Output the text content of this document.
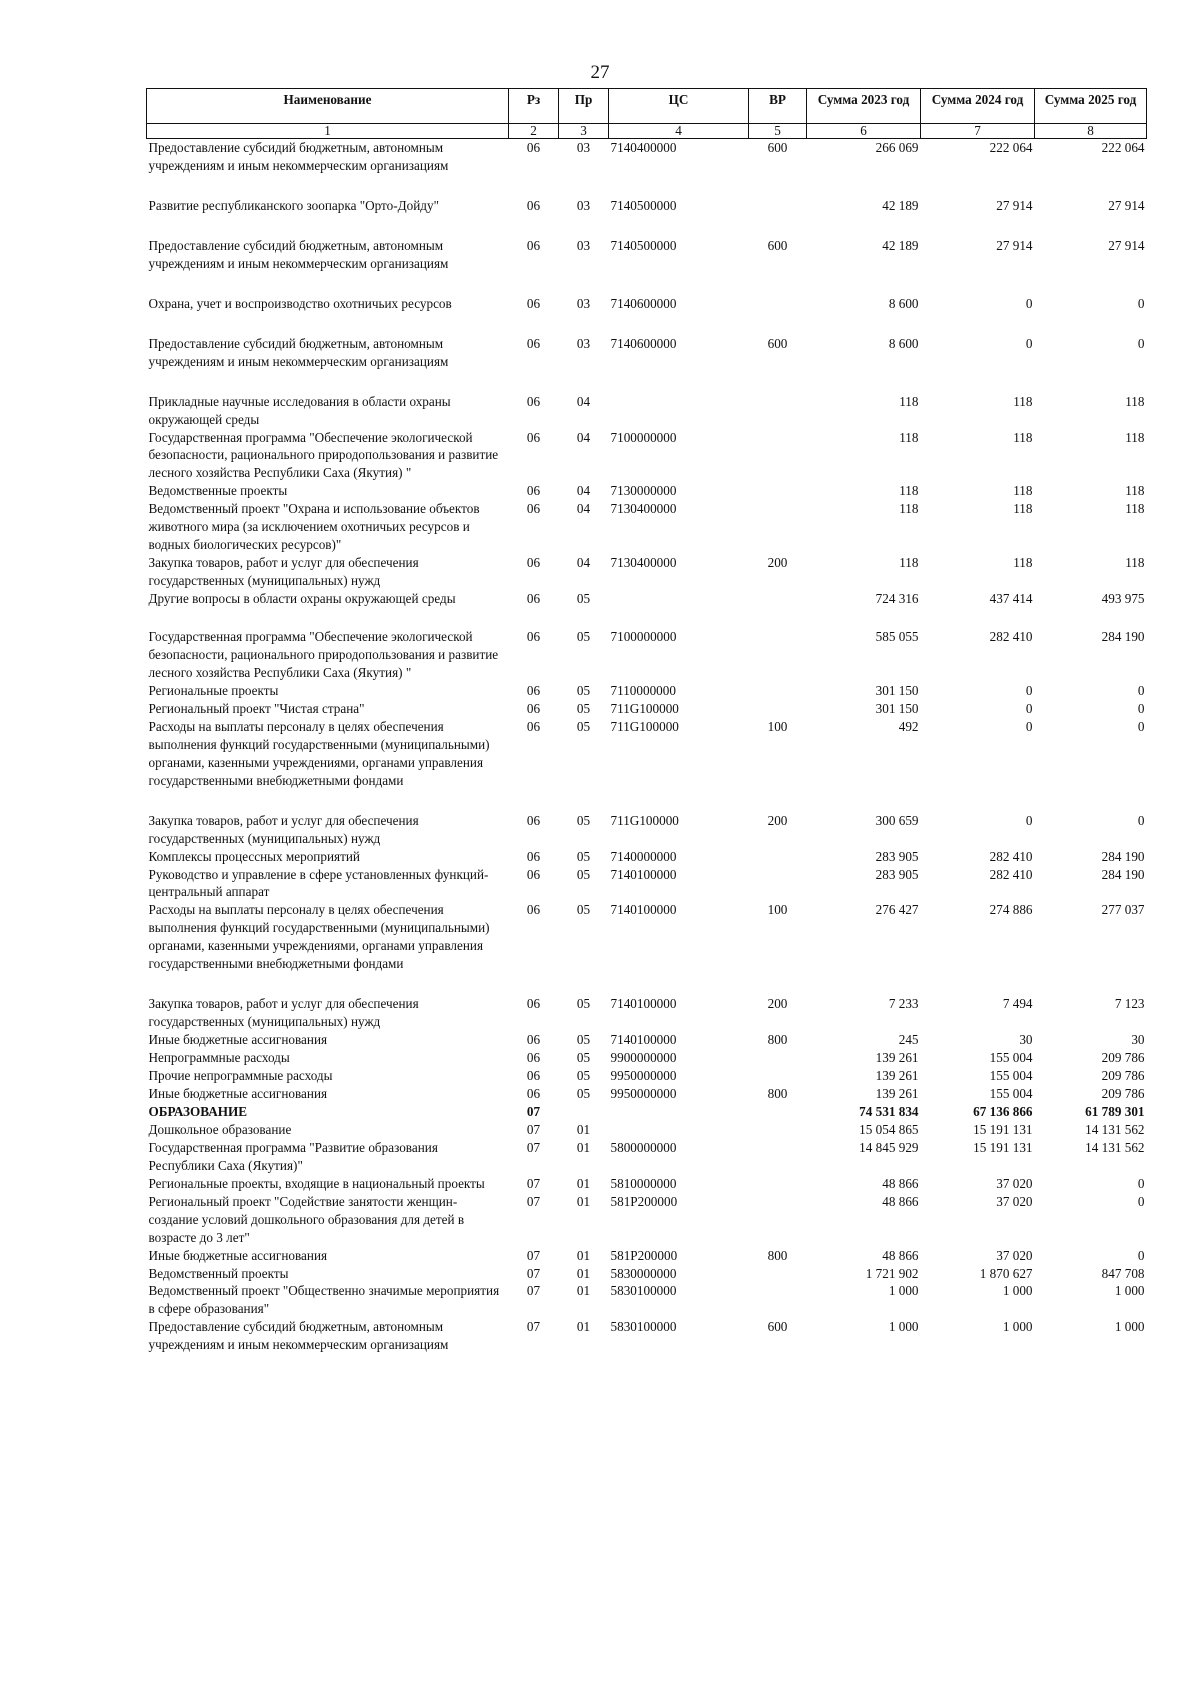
27
Наименование	Рз	Пр	ЦС	ВР	Сумма 2023 год	Сумма 2024 год	Сумма 2025 год
1	2	3	4	5	6	7	8
Предоставление субсидий бюджетным, автономным учреждениям и иным некоммерческим организациям	06	03	7140400000	600	266 069	222 064	222 064
Развитие республиканского зоопарка "Орто-Дойду"	06	03	7140500000		42 189	27 914	27 914
Предоставление субсидий бюджетным, автономным учреждениям и иным некоммерческим организациям	06	03	7140500000	600	42 189	27 914	27 914
Охрана, учет и воспроизводство охотничьих ресурсов	06	03	7140600000		8 600	0	0
Предоставление субсидий бюджетным, автономным учреждениям и иным некоммерческим организациям	06	03	7140600000	600	8 600	0	0
Прикладные научные исследования в области охраны окружающей среды	06	04			118	118	118
Государственная программа "Обеспечение экологической безопасности, рационального природопользования и развитие лесного хозяйства Республики Саха (Якутия) "	06	04	7100000000		118	118	118
Ведомственные проекты	06	04	7130000000		118	118	118
Ведомственный проект "Охрана и использование объектов животного мира (за исключением охотничьих ресурсов и водных биологических ресурсов)"	06	04	7130400000		118	118	118
Закупка товаров, работ и услуг для обеспечения государственных (муниципальных) нужд	06	04	7130400000	200	118	118	118
Другие вопросы в области охраны окружающей среды	06	05			724 316	437 414	493 975
Государственная программа "Обеспечение экологической безопасности, рационального природопользования и развитие лесного хозяйства Республики Саха (Якутия) "	06	05	7100000000		585 055	282 410	284 190
Региональные проекты	06	05	7110000000		301 150	0	0
Региональный проект "Чистая страна"	06	05	711G100000		301 150	0	0
Расходы на выплаты персоналу в целях обеспечения выполнения функций государственными (муниципальными) органами, казенными учреждениями, органами управления государственными внебюджетными фондами	06	05	711G100000	100	492	0	0
Закупка товаров, работ и услуг для обеспечения государственных (муниципальных) нужд	06	05	711G100000	200	300 659	0	0
Комплексы процессных мероприятий	06	05	7140000000		283 905	282 410	284 190
Руководство и управление в сфере установленных функций-центральный аппарат	06	05	7140100000		283 905	282 410	284 190
Расходы на выплаты персоналу в целях обеспечения выполнения функций государственными (муниципальными) органами, казенными учреждениями, органами управления государственными внебюджетными фондами	06	05	7140100000	100	276 427	274 886	277 037
Закупка товаров, работ и услуг для обеспечения государственных (муниципальных) нужд	06	05	7140100000	200	7 233	7 494	7 123
Иные бюджетные ассигнования	06	05	7140100000	800	245	30	30
Непрограммные расходы	06	05	9900000000		139 261	155 004	209 786
Прочие непрограммные расходы	06	05	9950000000		139 261	155 004	209 786
Иные бюджетные ассигнования	06	05	9950000000	800	139 261	155 004	209 786
ОБРАЗОВАНИЕ	07				74 531 834	67 136 866	61 789 301
Дошкольное образование	07	01			15 054 865	15 191 131	14 131 562
Государственная программа "Развитие образования Республики Саха (Якутия)"	07	01	5800000000		14 845 929	15 191 131	14 131 562
Региональные проекты, входящие в национальный проекты	07	01	5810000000		48 866	37 020	0
Региональный проект "Содействие занятости женщин-создание условий дошкольного образования для детей в возрасте до 3 лет"	07	01	581P200000		48 866	37 020	0
Иные бюджетные ассигнования	07	01	581P200000	800	48 866	37 020	0
Ведомственный проекты	07	01	5830000000		1 721 902	1 870 627	847 708
Ведомственный проект "Общественно значимые мероприятия в сфере образования"	07	01	5830100000		1 000	1 000	1 000
Предоставление субсидий бюджетным, автономным учреждениям и иным некоммерческим организациям	07	01	5830100000	600	1 000	1 000	1 000
